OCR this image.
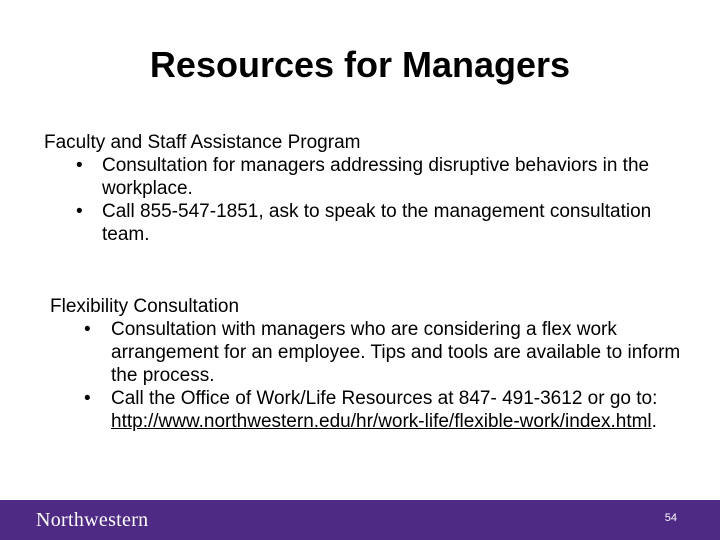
Resources for Managers
Faculty and Staff Assistance Program
• Consultation for managers addressing disruptive behaviors in the workplace.
• Call 855-547-1851, ask to speak to the management consultation team.
Flexibility Consultation
• Consultation with managers who are considering a flex work arrangement for an employee. Tips and tools are available to inform the process.
• Call the Office of Work/Life Resources at 847- 491-3612 or go to: http://www.northwestern.edu/hr/work-life/flexible-work/index.html.
Northwestern	54
